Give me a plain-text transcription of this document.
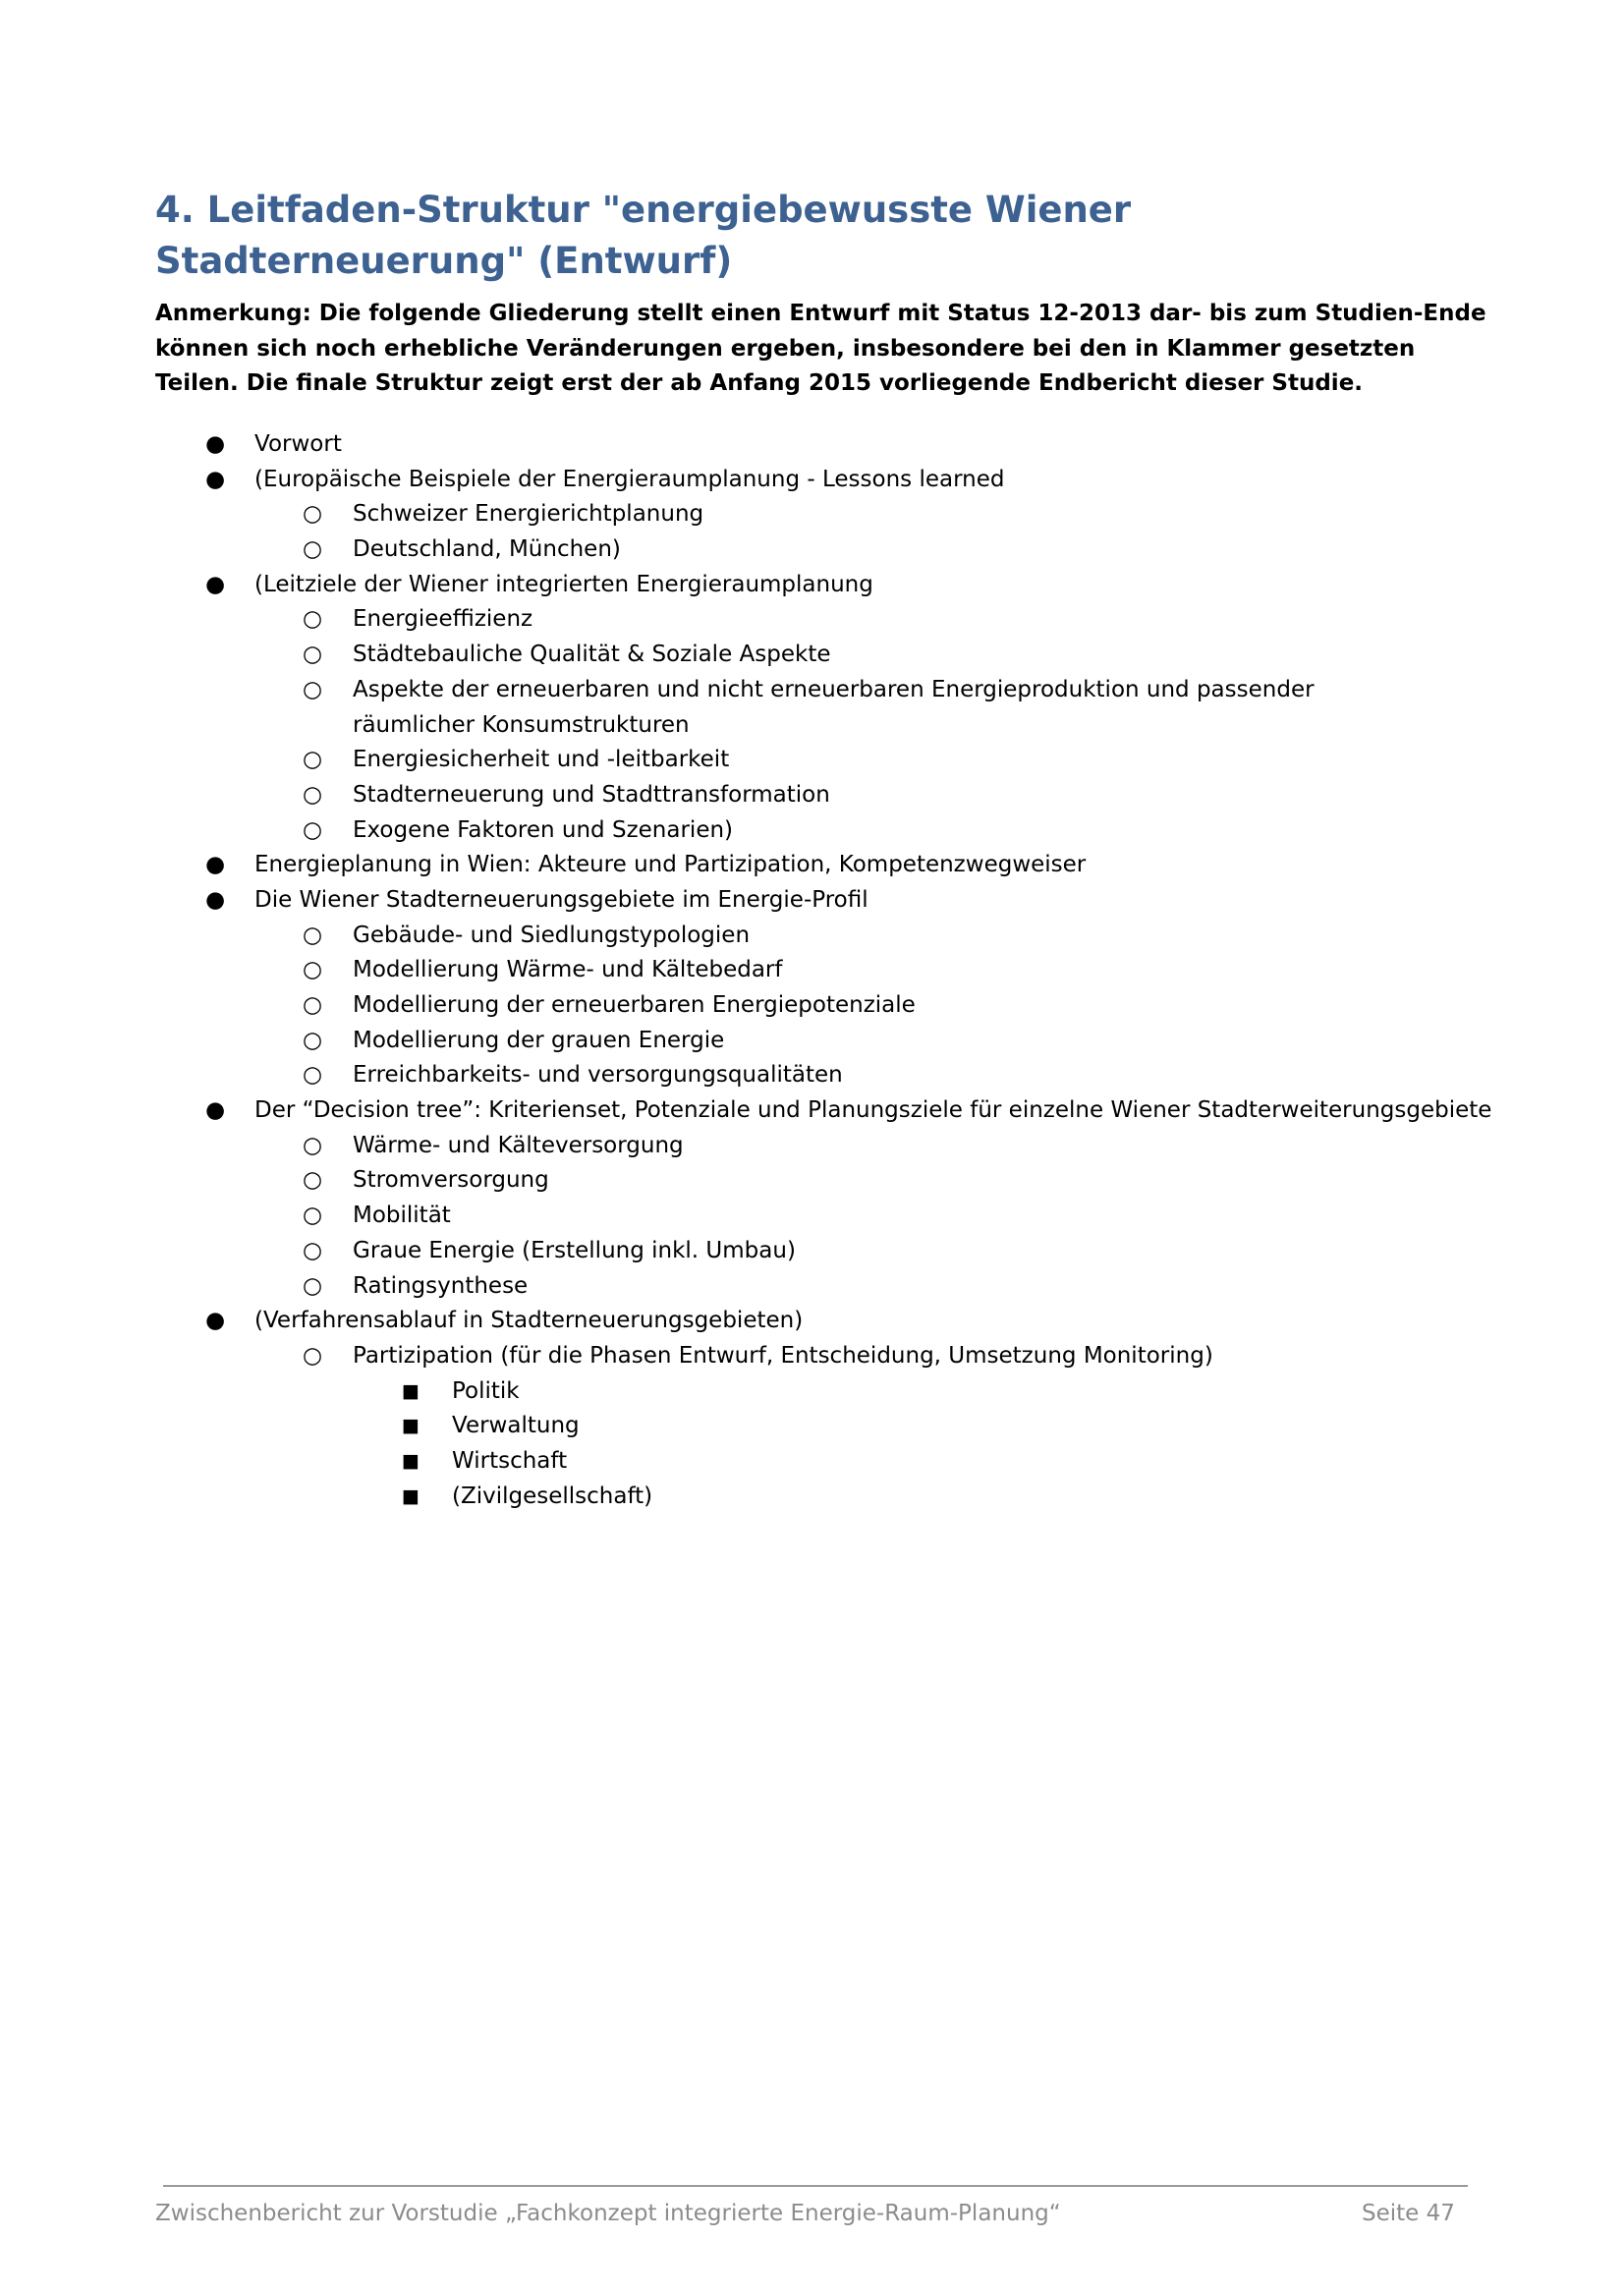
4. Leitfaden-Struktur "energiebewusste Wiener Stadterneuerung" (Entwurf)

Anmerkung: Die folgende Gliederung stellt einen Entwurf mit Status 12-2013 dar- bis zum Studien-Ende können sich noch erhebliche Veränderungen ergeben, insbesondere bei den in Klammer gesetzten Teilen. Die finale Struktur zeigt erst der ab Anfang 2015 vorliegende Endbericht dieser Studie.

● Vorwort
● (Europäische Beispiele der Energieraumplanung - Lessons learned
○ Schweizer Energierichtplanung
○ Deutschland, München)
● (Leitziele der Wiener integrierten Energieraumplanung
○ Energieeffizienz
○ Städtebauliche Qualität & Soziale Aspekte
○ Aspekte der erneuerbaren und nicht erneuerbaren Energieproduktion und passender räumlicher Konsumstrukturen
○ Energiesicherheit und -leitbarkeit
○ Stadterneuerung und Stadttransformation
○ Exogene Faktoren und Szenarien)
● Energieplanung in Wien: Akteure und Partizipation, Kompetenzwegweiser
● Die Wiener Stadterneuerungsgebiete im Energie-Profil
○ Gebäude- und Siedlungstypologien
○ Modellierung Wärme- und Kältebedarf
○ Modellierung der erneuerbaren Energiepotenziale
○ Modellierung der grauen Energie
○ Erreichbarkeits- und versorgungsqualitäten
● Der “Decision tree”: Kriterienset, Potenziale und Planungsziele für einzelne Wiener Stadterweiterungsgebiete
○ Wärme- und Kälteversorgung
○ Stromversorgung
○ Mobilität
○ Graue Energie (Erstellung inkl. Umbau)
○ Ratingsynthese
● (Verfahrensablauf in Stadterneuerungsgebieten)
○ Partizipation (für die Phasen Entwurf, Entscheidung, Umsetzung Monitoring)
■ Politik
■ Verwaltung
■ Wirtschaft
■ (Zivilgesellschaft)
Zwischenbericht zur Vorstudie „Fachkonzept integrierte Energie-Raum-Planung“	Seite 47
